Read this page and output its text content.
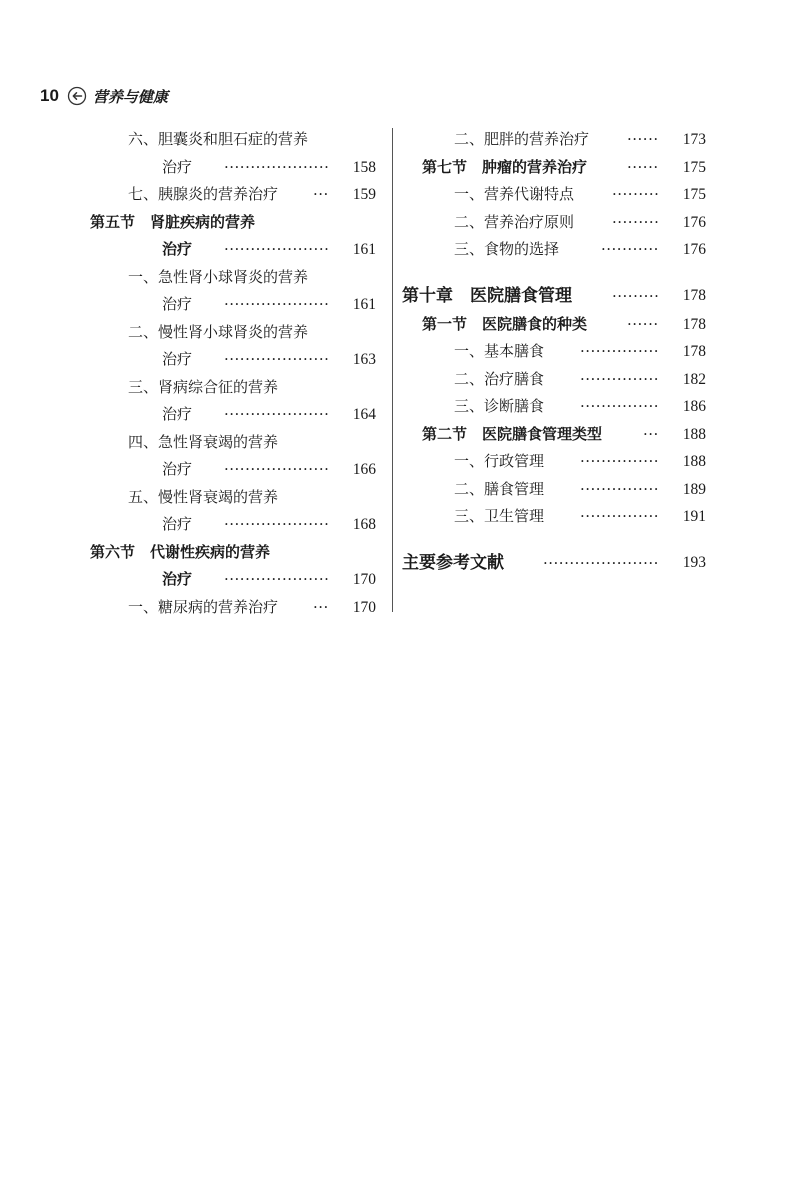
10 营养与健康
六、胆囊炎和胆石症的营养
治疗 ···················· 158
七、胰腺炎的营养治疗 ··· 159
第五节　肾脏疾病的营养
治疗 ···················· 161
一、急性肾小球肾炎的营养
治疗 ···················· 161
二、慢性肾小球肾炎的营养
治疗 ···················· 163
三、肾病综合征的营养
治疗 ···················· 164
四、急性肾衰竭的营养
治疗 ···················· 166
五、慢性肾衰竭的营养
治疗 ···················· 168
第六节　代谢性疾病的营养
治疗 ···················· 170
一、糖尿病的营养治疗 ··· 170
二、肥胖的营养治疗	······ 173
第七节　肿瘤的营养治疗	······ 175
一、营养代谢特点	········· 175
二、营养治疗原则	········· 176
三、食物的选择	··········· 176
第十章　医院膳食管理	········· 178
第一节　医院膳食的种类	······ 178
一、基本膳食 ··············· 178
二、治疗膳食 ··············· 182
三、诊断膳食 ··············· 186
第二节　医院膳食管理类型	··· 188
一、行政管理 ··············· 188
二、膳食管理 ··············· 189
三、卫生管理 ··············· 191
主要参考文献	······················ 193
